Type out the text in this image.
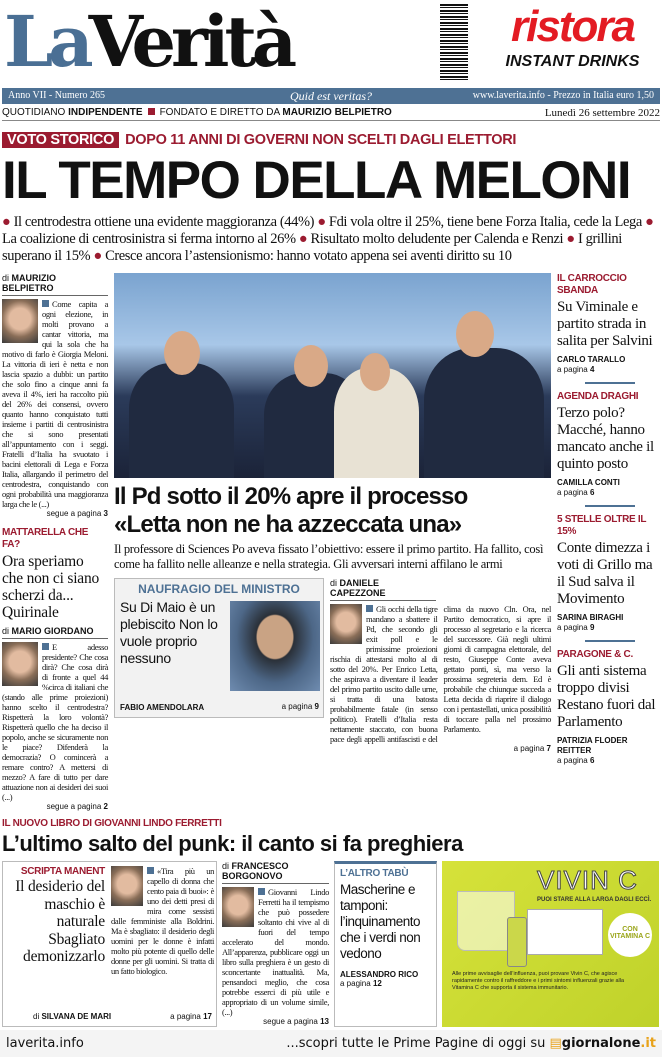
LaVerità	ristora
INSTANT DRINKS
Anno VII - Numero 265	Quid est veritas?	www.laverita.info - Prezzo in Italia euro 1,50
QUOTIDIANO INDIPENDENTE FONDATO E DIRETTO DA MAURIZIO BELPIETRO	Lunedì 26 settembre 2022
VOTO STORICO DOPO 11 ANNI DI GOVERNI NON SCELTI DAGLI ELETTORI
IL TEMPO DELLA MELONI
● Il centrodestra ottiene una evidente maggioranza (44%) ● Fdi vola oltre il 25%, tiene bene Forza Italia, cede la Lega ● La coalizione di centrosinistra si ferma intorno al 26% ● Risultato molto deludente per Calenda e Renzi ● I grillini superano il 15% ● Cresce ancora l’astensionismo: hanno votato appena sei aventi diritto su 10
di MAURIZIO BELPIETRO
Come capita a ogni elezione, in molti provano a cantar vittoria, ma qui la sola che ha motivo di farlo è Giorgia Meloni. La vittoria di ieri è netta e non lascia spazio a dubbi: un partito che solo fino a cinque anni fa aveva il 4%, ieri ha raccolto più del 26% dei consensi, ovvero quanto hanno conquistato tutti insieme i partiti di centrosinistra che si sono presentati all’appuntamento con i seggi. Fratelli d’Italia ha svuotato i bacini elettorali di Lega e Forza Italia, allargando il perimetro del centrodestra, conquistando con ogni probabilità una maggioranza larga che le (...)
segue a pagina 3
MATTARELLA CHE FA?
Ora speriamo che non ci siano scherzi da... Quirinale
di MARIO GIORDANO
E adesso presidente? Che cosa dirà? Che cosa dirà di fronte a quel 44 %circa di italiani che (stando alle prime proiezioni) hanno scelto il centrodestra? Rispetterà la loro volontà? Rispetterà quello che ha deciso il popolo, anche se sicuramente non le piace? Difenderà la democrazia? O comincerà a remare contro? A mettersi di mezzo? A fare di tutto per dare attuazione non ai desideri dei suoi (...)
segue a pagina 2
Il Pd sotto il 20% apre il processo
«Letta non ne ha azzeccata una»
Il professore di Sciences Po aveva fissato l’obiettivo: essere il primo partito. Ha fallito, così come ha fallito nelle alleanze e nella strategia. Gli avversari interni affilano le armi
NAUFRAGIO DEL MINISTRO
Su Di Maio è un plebiscito Non lo vuole proprio nessuno
FABIO AMENDOLARA	a pagina 9
di DANIELE CAPEZZONE
Gli occhi della tigre mandano a sbattere il Pd, che secondo gli exit poll e le primissime proiezioni rischia di attestarsi molto al di sotto del 20%. Per Enrico Letta, che aspirava a diventare il leader del primo partito uscito dalle urne, si tratta di una batosta probabilmente fatale (in senso politico). Fratelli d’Italia resta nettamente staccato, con buona pace degli appelli antifascisti e del clima da nuovo Cln. Ora, nel Partito democratico, si apre il processo al segretario e la ricerca del successore. Già negli ultimi giorni di campagna elettorale, del resto, Giuseppe Conte aveva gettato ponti, sì, ma verso la prossima segreteria dem. Ed è probabile che chiunque succeda a Letta decida di riaprire il dialogo con i pentastellati, unica possibilità di toccare palla nel prossimo Parlamento.
a pagina 7
IL CARROCCIO SBANDA
Su Viminale e partito strada in salita per Salvini
CARLO TARALLO
a pagina 4
AGENDA DRAGHI
Terzo polo? Macché, hanno mancato anche il quinto posto
CAMILLA CONTI
a pagina 6
5 STELLE OLTRE IL 15%
Conte dimezza i voti di Grillo ma il Sud salva il Movimento
SARINA BIRAGHI
a pagina 9
PARAGONE & C.
Gli anti sistema troppo divisi Restano fuori dal Parlamento
PATRIZIA FLODER REITTER
a pagina 6
IL NUOVO LIBRO DI GIOVANNI LINDO FERRETTI
L’ultimo salto del punk: il canto si fa preghiera
SCRIPTA MANENT
Il desiderio del maschio è naturale Sbagliato demonizzarlo
«Tira più un capello di donna che cento paia di buoi»: è uno dei detti presi di mira come sessisti dalle femministe alla Boldrini. Ma è sbagliato: il desiderio degli uomini per le donne è infatti molto più potente di quello delle donne per gli uomini. Si tratta di un fatto biologico.
di SILVANA DE MARI	a pagina 17
di FRANCESCO BORGONOVO
Giovanni Lindo Ferretti ha il tempismo che può possedere soltanto chi vive al di fuori del tempo accelerato del mondo. All’apparenza, pubblicare oggi un libro sulla preghiera è un gesto di sconcertante inattualità. Ma, pensandoci meglio, che cosa potrebbe esserci di più utile e appropriato di un volume simile, (...)
segue a pagina 13
L’ALTRO TABÙ
Mascherine e tamponi: l’inquinamento che i verdi non vedono
ALESSANDRO RICO
a pagina 12
VIVIN C
PUOI STARE ALLA LARGA DAGLI ECCÌ.
CON VITAMINA C
Alle prime avvisaglie dell’influenza, puoi provare Vivin C, che agisce rapidamente contro il raffreddore e i primi sintomi influenzali grazie alla Vitamina C che supporta il sistema immunitario.
laverita.info	...scopri tutte le Prime Pagine di oggi su ▤giornalone.it
